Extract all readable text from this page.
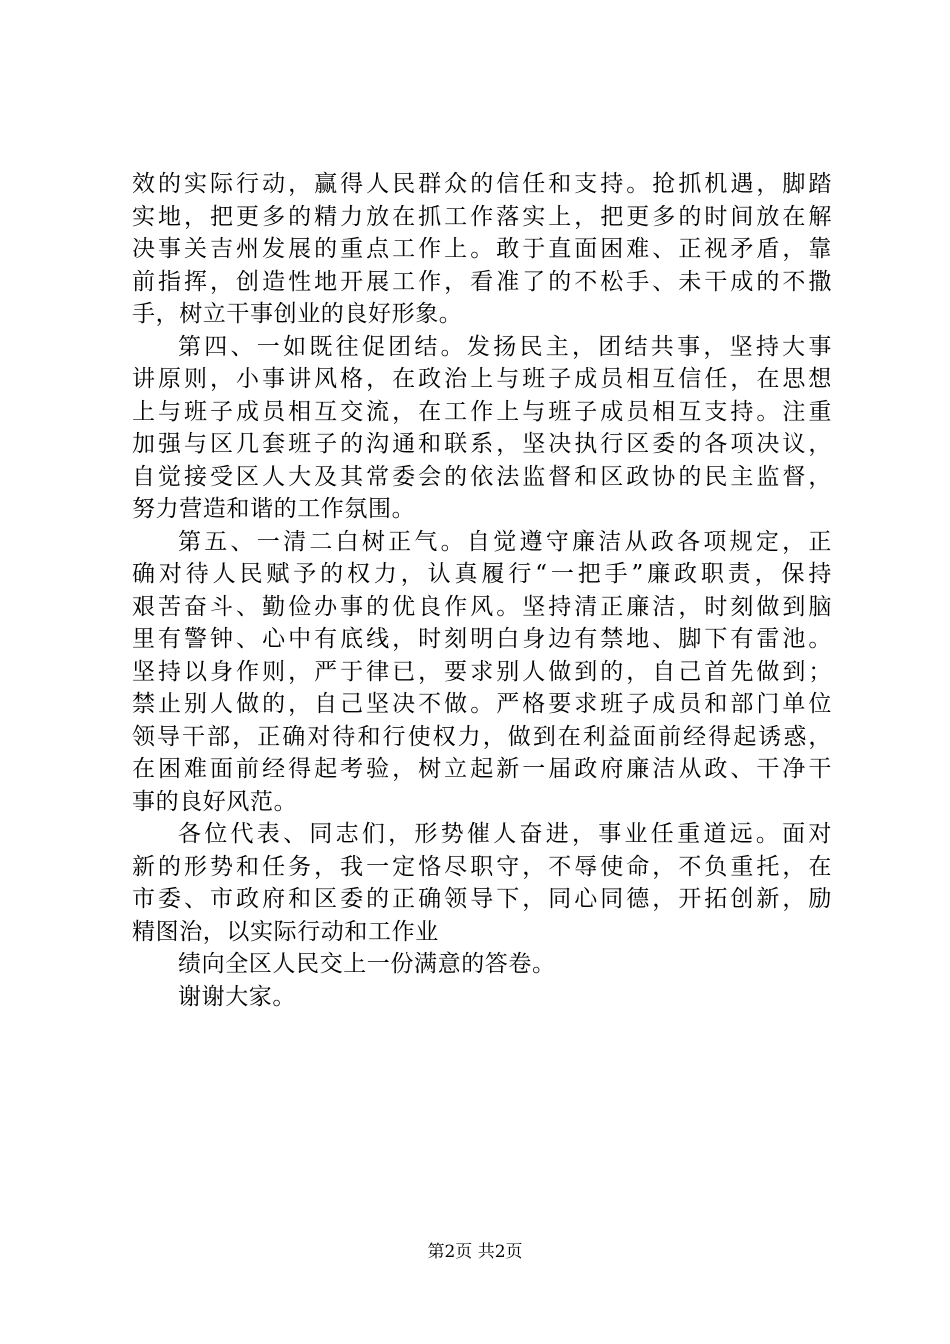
效的实际行动，赢得人民群众的信任和支持。抢抓机遇，脚踏
实地，把更多的精力放在抓工作落实上，把更多的时间放在解
决事关吉州发展的重点工作上。敢于直面困难、正视矛盾，靠
前指挥，创造性地开展工作，看准了的不松手、未干成的不撒
手，树立干事创业的良好形象。
第四、一如既往促团结。发扬民主，团结共事，坚持大事
讲原则，小事讲风格，在政治上与班子成员相互信任，在思想
上与班子成员相互交流，在工作上与班子成员相互支持。注重
加强与区几套班子的沟通和联系，坚决执行区委的各项决议，
自觉接受区人大及其常委会的依法监督和区政协的民主监督，
努力营造和谐的工作氛围。
第五、一清二白树正气。自觉遵守廉洁从政各项规定，正
确对待人民赋予的权力，认真履行“一把手”廉政职责，保持
艰苦奋斗、勤俭办事的优良作风。坚持清正廉洁，时刻做到脑
里有警钟、心中有底线，时刻明白身边有禁地、脚下有雷池。
坚持以身作则，严于律已，要求别人做到的，自己首先做到；
禁止别人做的，自己坚决不做。严格要求班子成员和部门单位
领导干部，正确对待和行使权力，做到在利益面前经得起诱惑，
在困难面前经得起考验，树立起新一届政府廉洁从政、干净干
事的良好风范。
各位代表、同志们，形势催人奋进，事业任重道远。面对
新的形势和任务，我一定恪尽职守，不辱使命，不负重托，在
市委、市政府和区委的正确领导下，同心同德，开拓创新，励
精图治，以实际行动和工作业
绩向全区人民交上一份满意的答卷。
谢谢大家。
第2页 共2页
